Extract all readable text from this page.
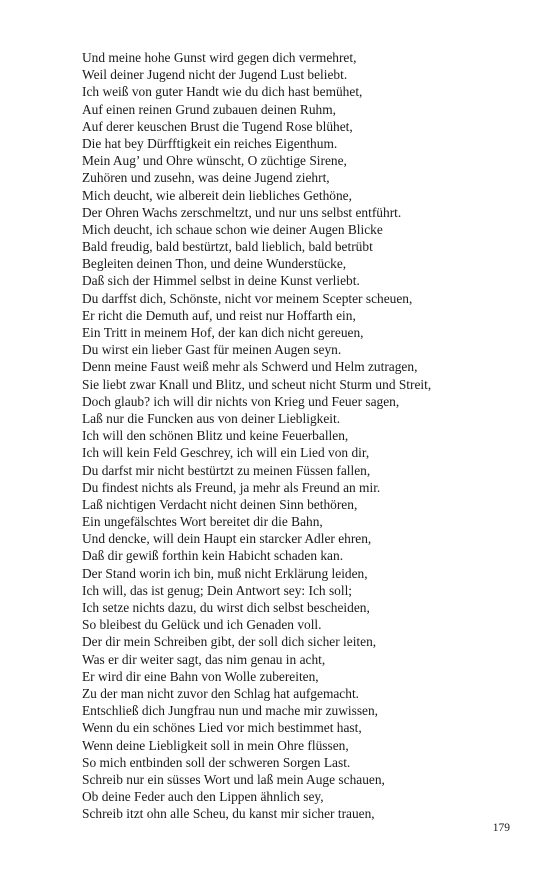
Und meine hohe Gunst wird gegen dich vermehret,
Weil deiner Jugend nicht der Jugend Lust beliebt.
Ich weiß von guter Handt wie du dich hast bemühet,
Auf einen reinen Grund zubauen deinen Ruhm,
Auf derer keuschen Brust die Tugend Rose blühet,
Die hat bey Dürfftigkeit ein reiches Eigenthum.
Mein Aug’ und Ohre wünscht, O züchtige Sirene,
Zuhören und zusehn, was deine Jugend ziehrt,
Mich deucht, wie albereit dein liebliches Gethöne,
Der Ohren Wachs zerschmeltzt, und nur uns selbst entführt.
Mich deucht, ich schaue schon wie deiner Augen Blicke
Bald freudig, bald bestürtzt, bald lieblich, bald betrübt
Begleiten deinen Thon, und deine Wunderstücke,
Daß sich der Himmel selbst in deine Kunst verliebt.
Du darffst dich, Schönste, nicht vor meinem Scepter scheuen,
Er richt die Demuth auf, und reist nur Hoffarth ein,
Ein Tritt in meinem Hof, der kan dich nicht gereuen,
Du wirst ein lieber Gast für meinen Augen seyn.
Denn meine Faust weiß mehr als Schwerd und Helm zutragen,
Sie liebt zwar Knall und Blitz, und scheut nicht Sturm und Streit,
Doch glaub? ich will dir nichts von Krieg und Feuer sagen,
Laß nur die Funcken aus von deiner Liebligkeit.
Ich will den schönen Blitz und keine Feuerballen,
Ich will kein Feld Geschrey, ich will ein Lied von dir,
Du darfst mir nicht bestürtzt zu meinen Füssen fallen,
Du findest nichts als Freund, ja mehr als Freund an mir.
Laß nichtigen Verdacht nicht deinen Sinn bethören,
Ein ungefälschtes Wort bereitet dir die Bahn,
Und dencke, will dein Haupt ein starcker Adler ehren,
Daß dir gewiß forthin kein Habicht schaden kan.
Der Stand worin ich bin, muß nicht Erklärung leiden,
Ich will, das ist genug; Dein Antwort sey: Ich soll;
Ich setze nichts dazu, du wirst dich selbst bescheiden,
So bleibest du Gelück und ich Genaden voll.
Der dir mein Schreiben gibt, der soll dich sicher leiten,
Was er dir weiter sagt, das nim genau in acht,
Er wird dir eine Bahn von Wolle zubereiten,
Zu der man nicht zuvor den Schlag hat aufgemacht.
Entschließ dich Jungfrau nun und mache mir zuwissen,
Wenn du ein schönes Lied vor mich bestimmet hast,
Wenn deine Liebligkeit soll in mein Ohre flüssen,
So mich entbinden soll der schweren Sorgen Last.
Schreib nur ein süsses Wort und laß mein Auge schauen,
Ob deine Feder auch den Lippen ähnlich sey,
Schreib itzt ohn alle Scheu, du kanst mir sicher trauen,
179
